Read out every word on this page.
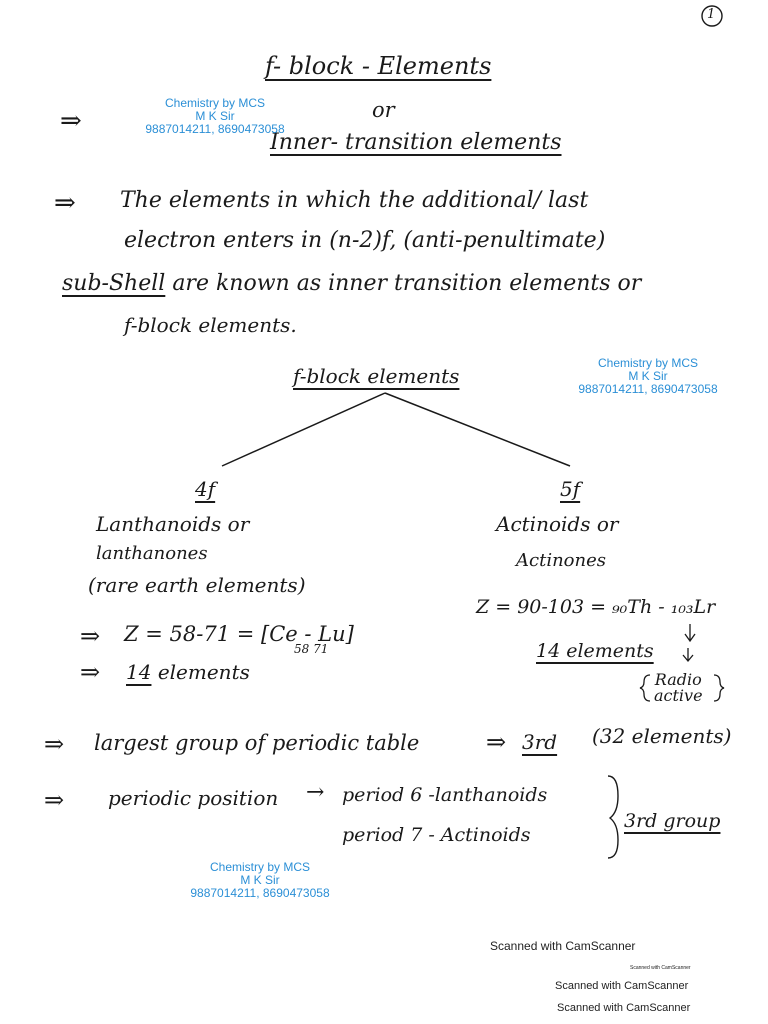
1
f- block - Elements
or
Inner- transition elements
⇒
Chemistry by MCS
M K Sir
9887014211, 8690473058
⇒ The elements in which the additional/ last
electron enters in (n-2)f, (anti-penultimate)
sub-Shell are known as inner transition elements or
f-block elements.
Chemistry by MCS
M K Sir
9887014211, 8690473058
f-block elements
4f
Lanthanoids or
lanthanones
(rare earth elements)
⇒ Z = 58-71 = [Ce - Lu]
58 71
⇒ 14 elements
5f
Actinoids or
Actinones
Z = 90-103 = ₉₀Th - ₁₀₃Lr
14 elements
Radio
active
⇒ largest group of periodic table	⇒ 3rd (32 elements)
⇒ periodic position → period 6 -lanthanoids
period 7 - Actinoids
3rd group
Chemistry by MCS
M K Sir
9887014211, 8690473058
Scanned with CamScanner
Scanned with CamScanner
Scanned with CamScanner
Scanned with CamScanner
